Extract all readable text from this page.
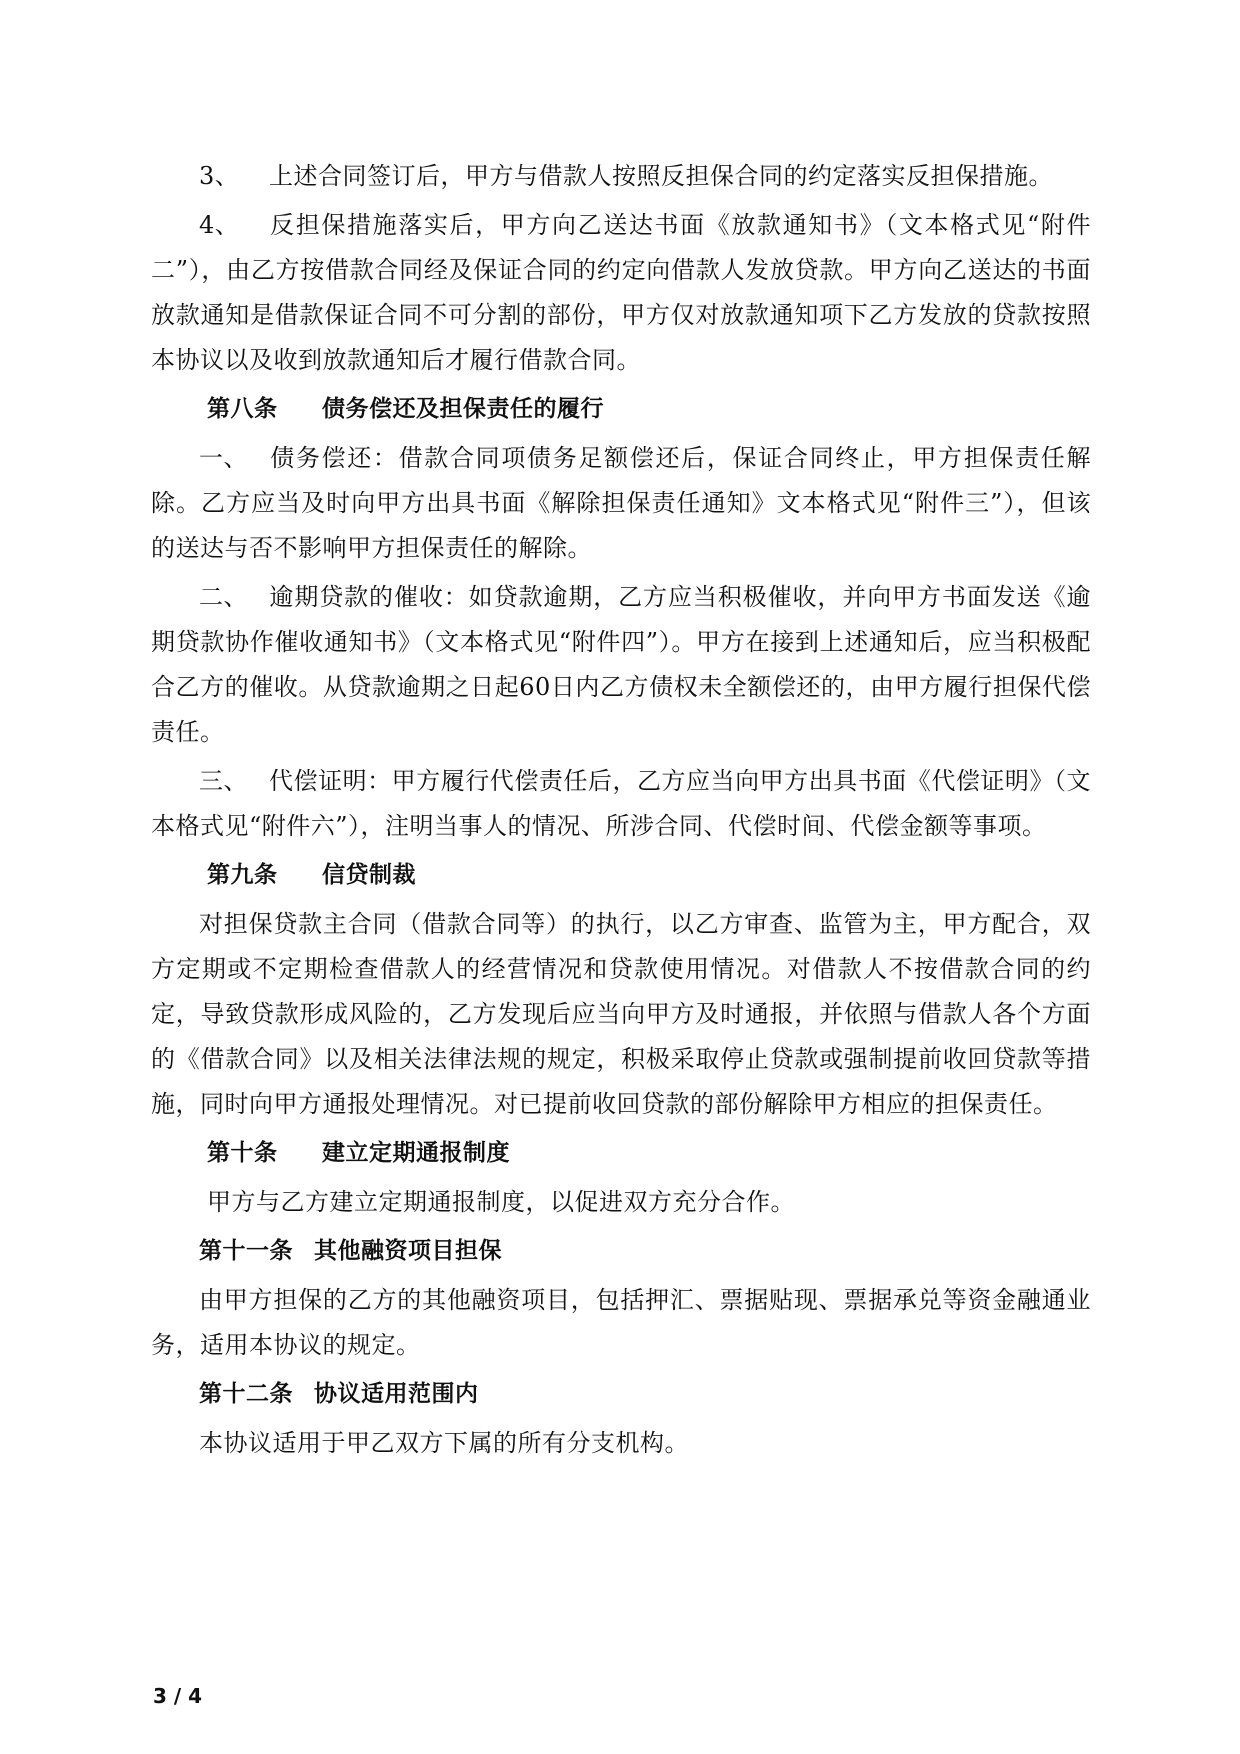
3、 上述合同签订后，甲方与借款人按照反担保合同的约定落实反担保措施。

4、 反担保措施落实后，甲方向乙送达书面《放款通知书》（文本格式见“附件二”），由乙方按借款合同经及保证合同的约定向借款人发放贷款。甲方向乙送达的书面放款通知是借款保证合同不可分割的部份，甲方仅对放款通知项下乙方发放的贷款按照本协议以及收到放款通知后才履行借款合同。

第八条 债务偿还及担保责任的履行

一、 债务偿还：借款合同项债务足额偿还后，保证合同终止，甲方担保责任解除。乙方应当及时向甲方出具书面《解除担保责任通知》文本格式见“附件三”），但该的送达与否不影响甲方担保责任的解除。

二、 逾期贷款的催收：如贷款逾期，乙方应当积极催收，并向甲方书面发送《逾期贷款协作催收通知书》（文本格式见“附件四”）。甲方在接到上述通知后，应当积极配合乙方的催收。从贷款逾期之日起60日内乙方债权未全额偿还的，由甲方履行担保代偿责任。

三、 代偿证明：甲方履行代偿责任后，乙方应当向甲方出具书面《代偿证明》（文本格式见“附件六”），注明当事人的情况、所涉合同、代偿时间、代偿金额等事项。

第九条 信贷制裁

对担保贷款主合同（借款合同等）的执行，以乙方审查、监管为主，甲方配合，双方定期或不定期检查借款人的经营情况和贷款使用情况。对借款人不按借款合同的约定，导致贷款形成风险的，乙方发现后应当向甲方及时通报，并依照与借款人各个方面的《借款合同》以及相关法律法规的规定，积极采取停止贷款或强制提前收回贷款等措施，同时向甲方通报处理情况。对已提前收回贷款的部份解除甲方相应的担保责任。

第十条 建立定期通报制度

甲方与乙方建立定期通报制度，以促进双方充分合作。

第十一条 其他融资项目担保

由甲方担保的乙方的其他融资项目，包括押汇、票据贴现、票据承兑等资金融通业务，适用本协议的规定。

第十二条 协议适用范围内

本协议适用于甲乙双方下属的所有分支机构。

3 / 4
